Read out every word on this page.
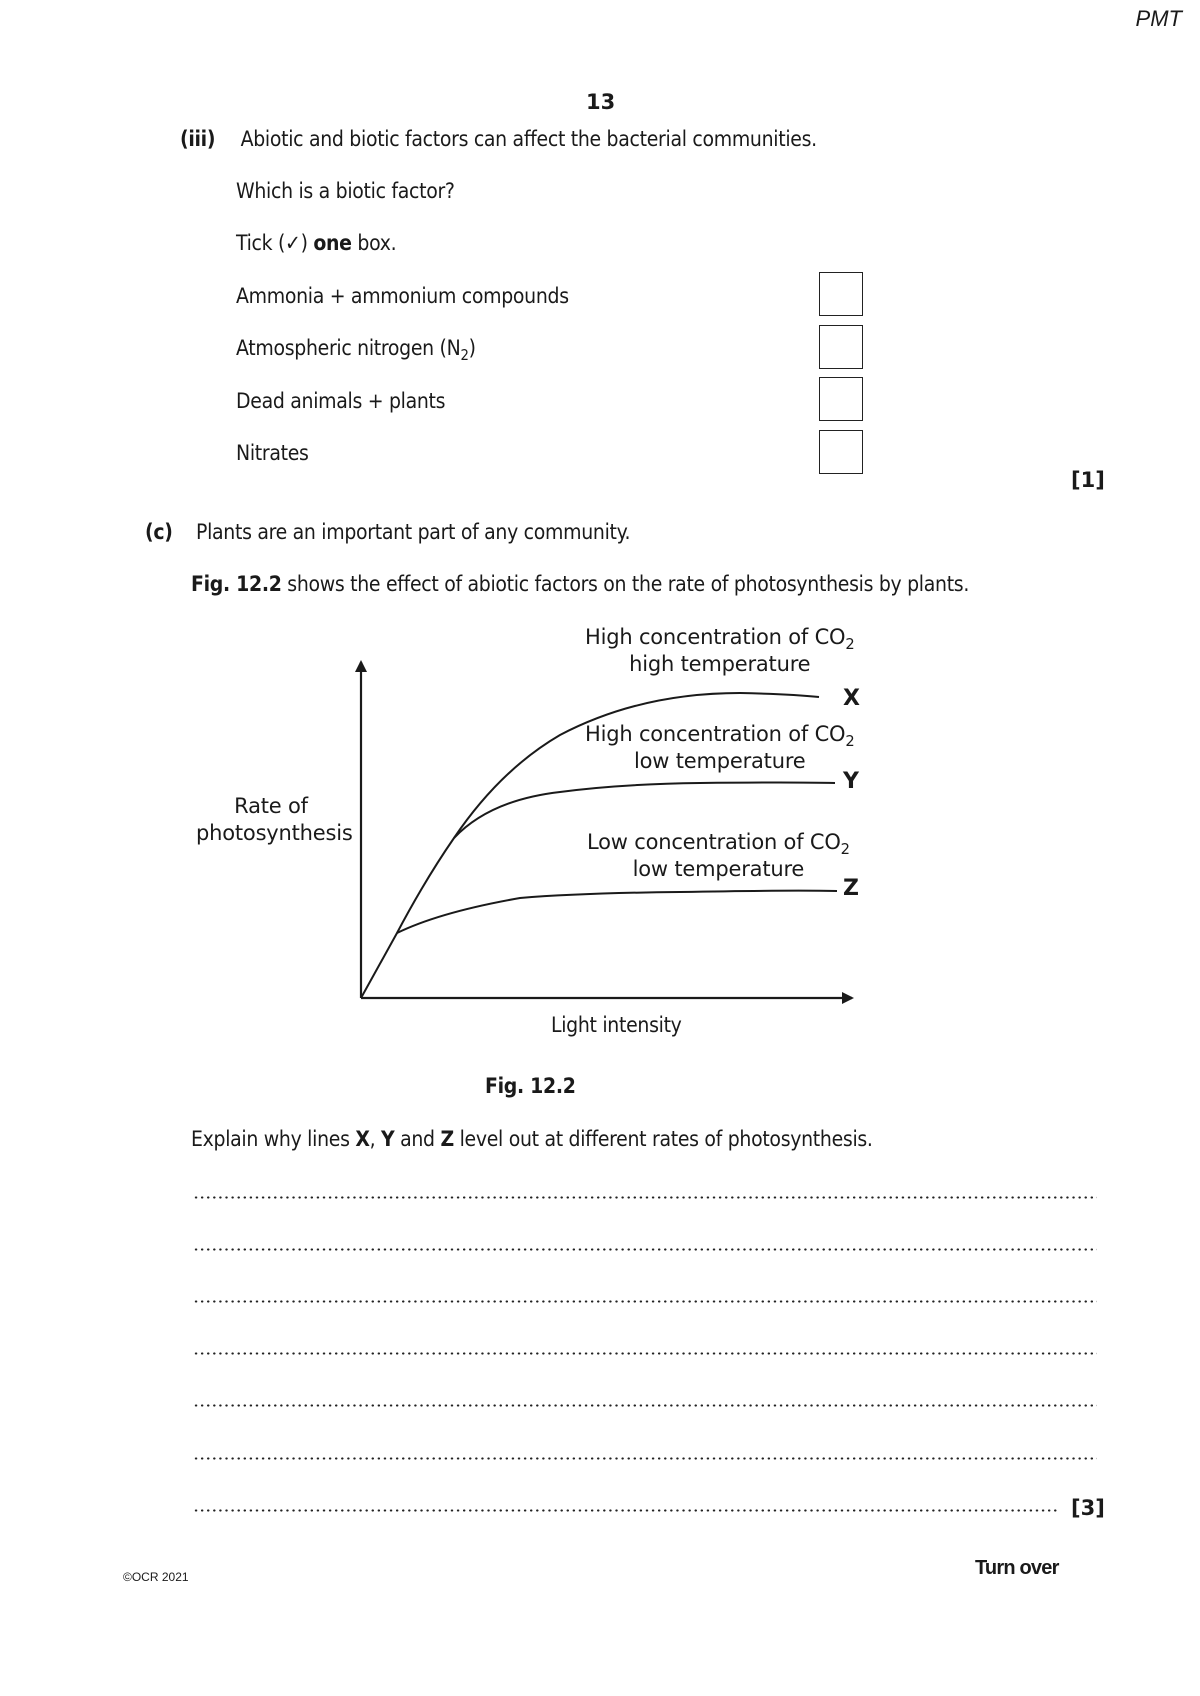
PMT
13
(iii) Abiotic and biotic factors can affect the bacterial communities.
Which is a biotic factor?
Tick (✓) one box.
Ammonia + ammonium compounds
Atmospheric nitrogen $(N_2)$
Dead animals + plants
Nitrates
[1]
(c) Plants are an important part of any community.
Fig. 12.2 shows the effect of abiotic factors on the rate of photosynthesis by plants.
High concentration of $CO_2$
high temperature
X
High concentration of $CO_2$
low temperature
Y
Low concentration of $CO_2$
low temperature
Z
Rate of photosynthesis
Light intensity
Fig. 12.2
Explain why lines X, Y and Z level out at different rates of photosynthesis.
[3]
©OCR 2021	Turn over
